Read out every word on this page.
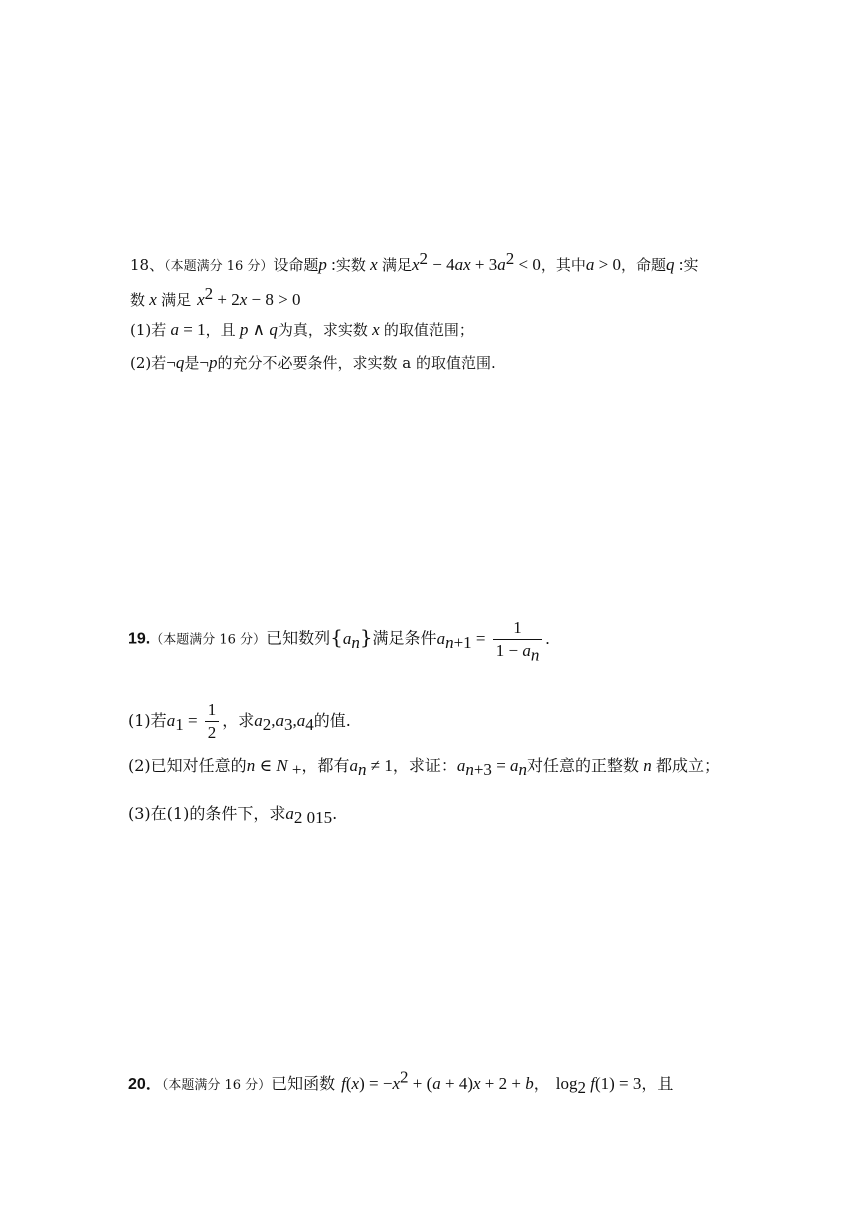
18、（本题满分 16 分）设命题p :实数 x 满足$x^2 - 4ax + 3a^2 < 0$，其中a > 0，命题q :实
数 x 满足 $x^2 + 2x - 8 > 0$
(1)若 a = 1，且 p ∧ q为真，求实数 x 的取值范围；
(2)若¬q是¬p的充分不必要条件，求实数 a 的取值范围.
19.（本题满分 16 分）已知数列$\{a_n\}$满足条件$a_{n+1} = \frac{1}{1 - a_n}$ .
(1)若$a_1 = \frac{1}{2}$ ，求$a_2,a_3,a_4$的值.
(2)已知对任意的n ∈ N $_+$，都有$a_n \ne 1$，求证：$a_{n+3} = a_n$对任意的正整数 n 都成立；
(3)在(1)的条件下，求$a_{2 015}$.
20．（本题满分 16 分）已知函数 $f(x) = -x^2 + (a + 4)x + 2 + b$， $\log_2 f(1) = 3$，且
